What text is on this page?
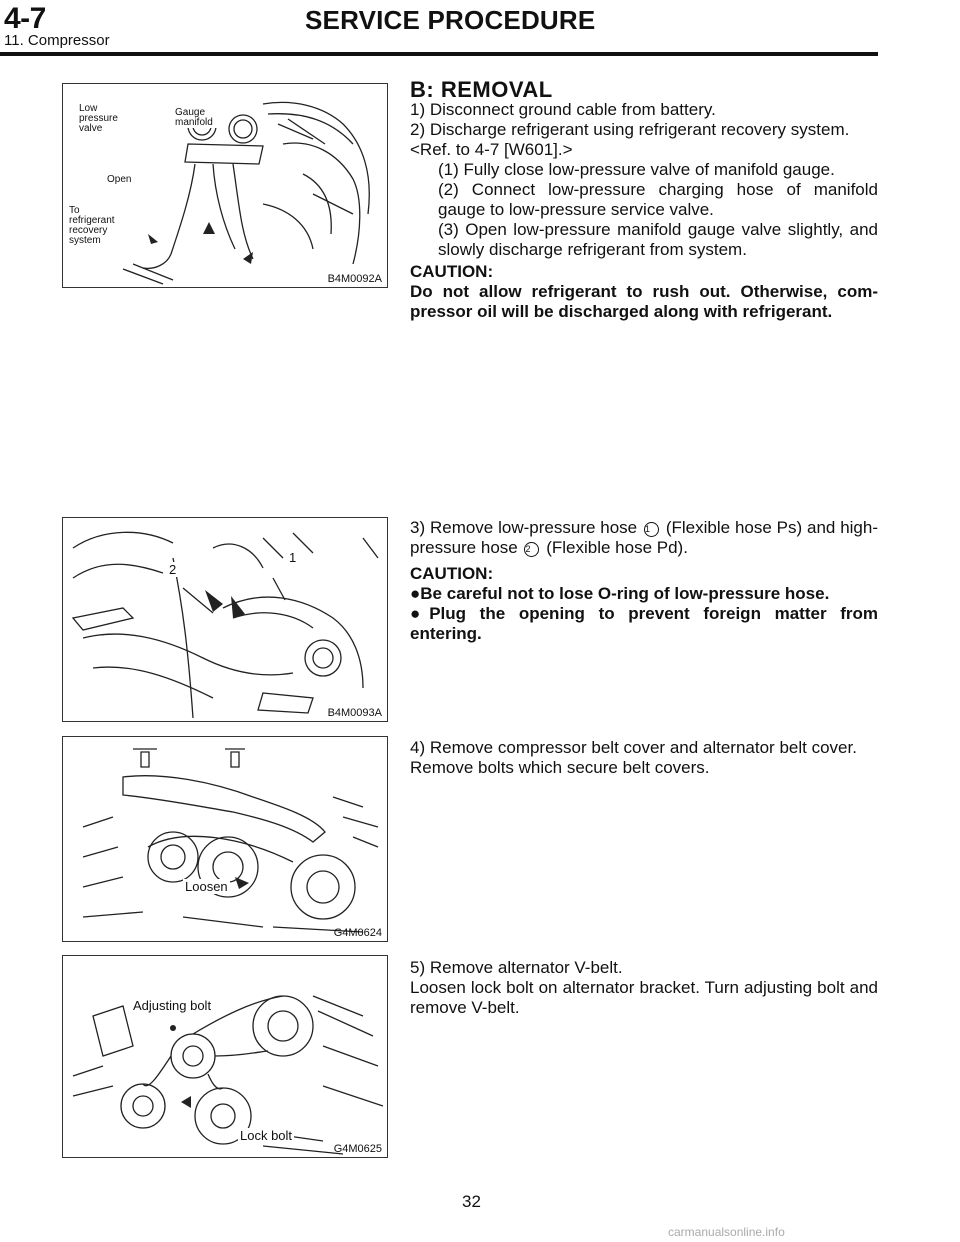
4-7	SERVICE PROCEDURE
11. Compressor
Low pressure valve
Gauge manifold
Open
To refrigerant recovery system
B4M0092A
1
2
B4M0093A
Loosen
G4M0624
Adjusting bolt
Lock bolt
G4M0625

B: REMOVAL

1) Disconnect ground cable from battery.

2) Discharge refrigerant using refrigerant recovery system.

<Ref. to 4-7 [W601].>

(1) Fully close low-pressure valve of manifold gauge.

(2) Connect low-pressure charging hose of manifold gauge to low-pressure service valve.

(3) Open low-pressure manifold gauge valve slightly, and slowly discharge refrigerant from system.

CAUTION:

Do not allow refrigerant to rush out. Otherwise, com-pressor oil will be discharged along with refrigerant.

3) Remove low-pressure hose 1 (Flexible hose Ps) and high-pressure hose 2 (Flexible hose Pd).

CAUTION:

●Be careful not to lose O-ring of low-pressure hose.

●Plug the opening to prevent foreign matter from entering.

4) Remove compressor belt cover and alternator belt cover.

Remove bolts which secure belt covers.

5) Remove alternator V-belt.

Loosen lock bolt on alternator bracket. Turn adjusting bolt and remove V-belt.

32
carmanualsonline.info
